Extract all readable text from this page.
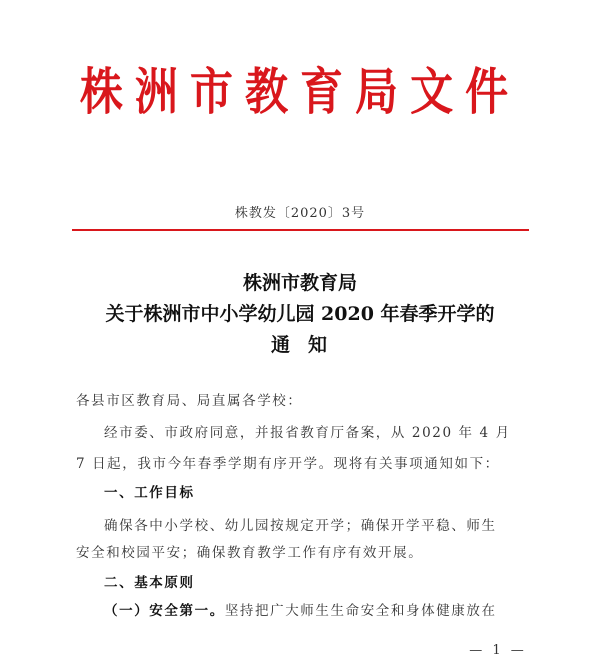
株洲市教育局文件
株教发〔2020〕3号
株洲市教育局
关于株洲市中小学幼儿园 2020 年春季开学的
通知
各县市区教育局、局直属各学校：
经市委、市政府同意，并报省教育厅备案，从 2020 年 4 月
7 日起，我市今年春季学期有序开学。现将有关事项通知如下：
一、工作目标
确保各中小学校、幼儿园按规定开学；确保开学平稳、师生
安全和校园平安；确保教育教学工作有序有效开展。
二、基本原则
（一）安全第一。坚持把广大师生生命安全和身体健康放在
— 1 —
